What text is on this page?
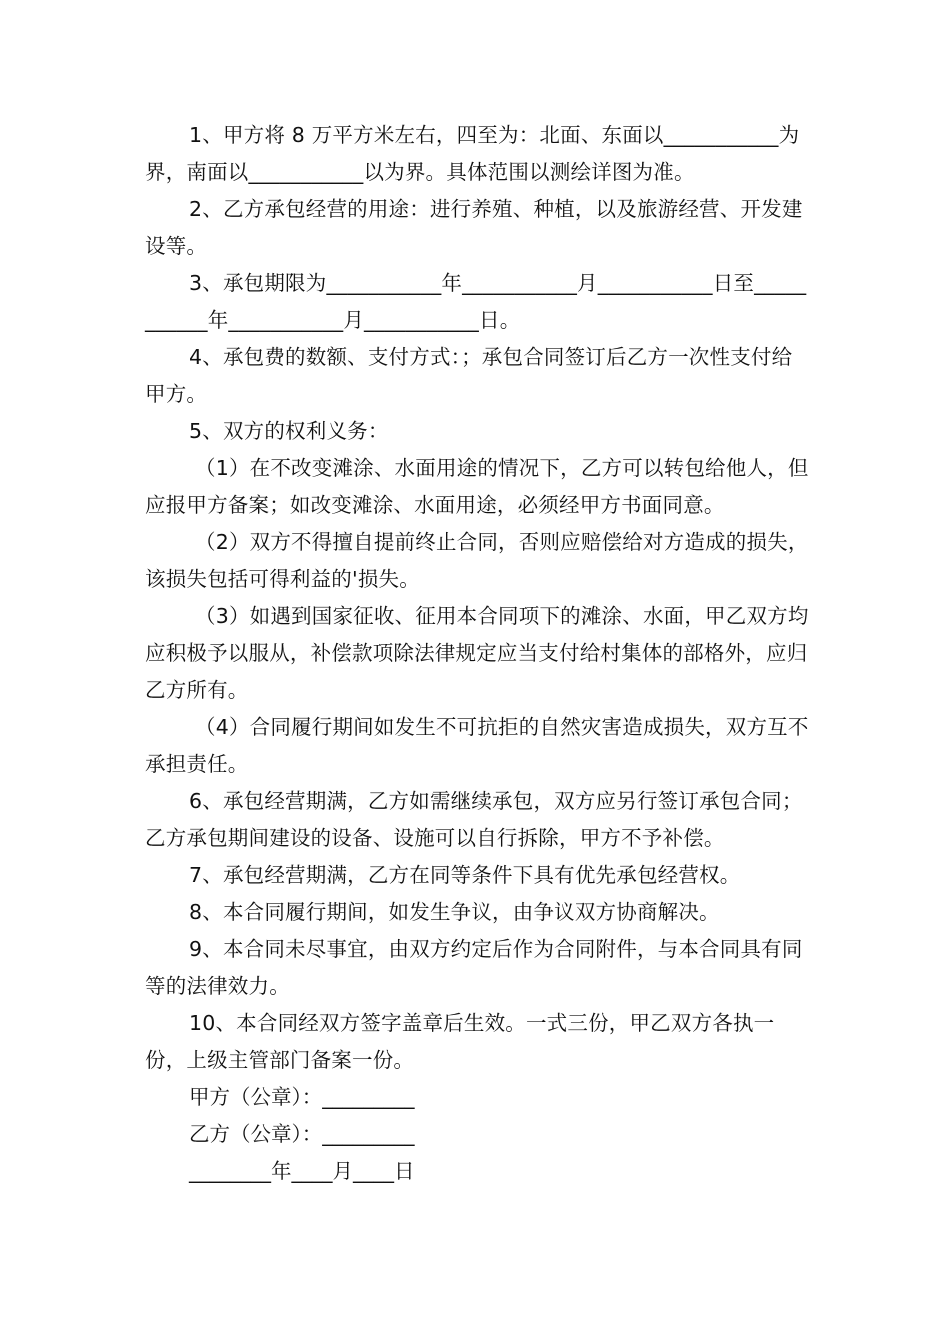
1、甲方将 8 万平方米左右，四至为：北面、东面以___________为界，南面以___________以为界。具体范围以测绘详图为准。

2、乙方承包经营的用途：进行养殖、种植，以及旅游经营、开发建设等。

3、承包期限为___________年___________月___________日至___________年___________月___________日。

4、承包费的数额、支付方式：；承包合同签订后乙方一次性支付给甲方。

5、双方的权利义务：

（1）在不改变滩涂、水面用途的情况下，乙方可以转包给他人，但应报甲方备案；如改变滩涂、水面用途，必须经甲方书面同意。

（2）双方不得擅自提前终止合同，否则应赔偿给对方造成的损失，该损失包括可得利益的'损失。

（3）如遇到国家征收、征用本合同项下的滩涂、水面，甲乙双方均应积极予以服从，补偿款项除法律规定应当支付给村集体的部格外，应归乙方所有。

（4）合同履行期间如发生不可抗拒的自然灾害造成损失，双方互不承担责任。

6、承包经营期满，乙方如需继续承包，双方应另行签订承包合同；乙方承包期间建设的设备、设施可以自行拆除，甲方不予补偿。

7、承包经营期满，乙方在同等条件下具有优先承包经营权。

8、本合同履行期间，如发生争议，由争议双方协商解决。

9、本合同未尽事宜，由双方约定后作为合同附件，与本合同具有同等的法律效力。

10、本合同经双方签字盖章后生效。一式三份，甲乙双方各执一份，上级主管部门备案一份。

甲方（公章）：_________

乙方（公章）：_________

________年____月____日
